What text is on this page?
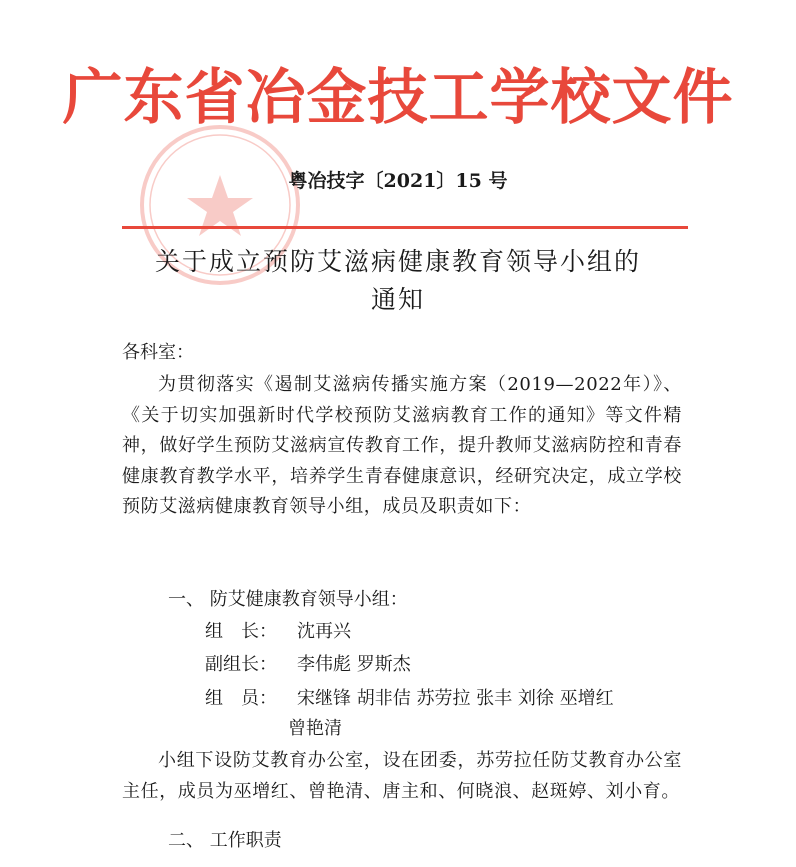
广东省冶金技工学校文件
粤冶技字〔2021〕15 号
关于成立预防艾滋病健康教育领导小组的
通知
各科室：
为贯彻落实《遏制艾滋病传播实施方案（2019—2022年）》、《关于切实加强新时代学校预防艾滋病教育工作的通知》等文件精神，做好学生预防艾滋病宣传教育工作，提升教师艾滋病防控和青春健康教育教学水平，培养学生青春健康意识，经研究决定，成立学校预防艾滋病健康教育领导小组，成员及职责如下：
一、 防艾健康教育领导小组：
组　长： 沈再兴
副组长： 李伟彪 罗斯杰
组　员： 宋继锋 胡非佶 苏劳拉 张丰 刘徐 巫增红
曾艳清
小组下设防艾教育办公室，设在团委，苏劳拉任防艾教育办公室主任，成员为巫增红、曾艳清、唐主和、何晓浪、赵斑婷、刘小育。
二、 工作职责
